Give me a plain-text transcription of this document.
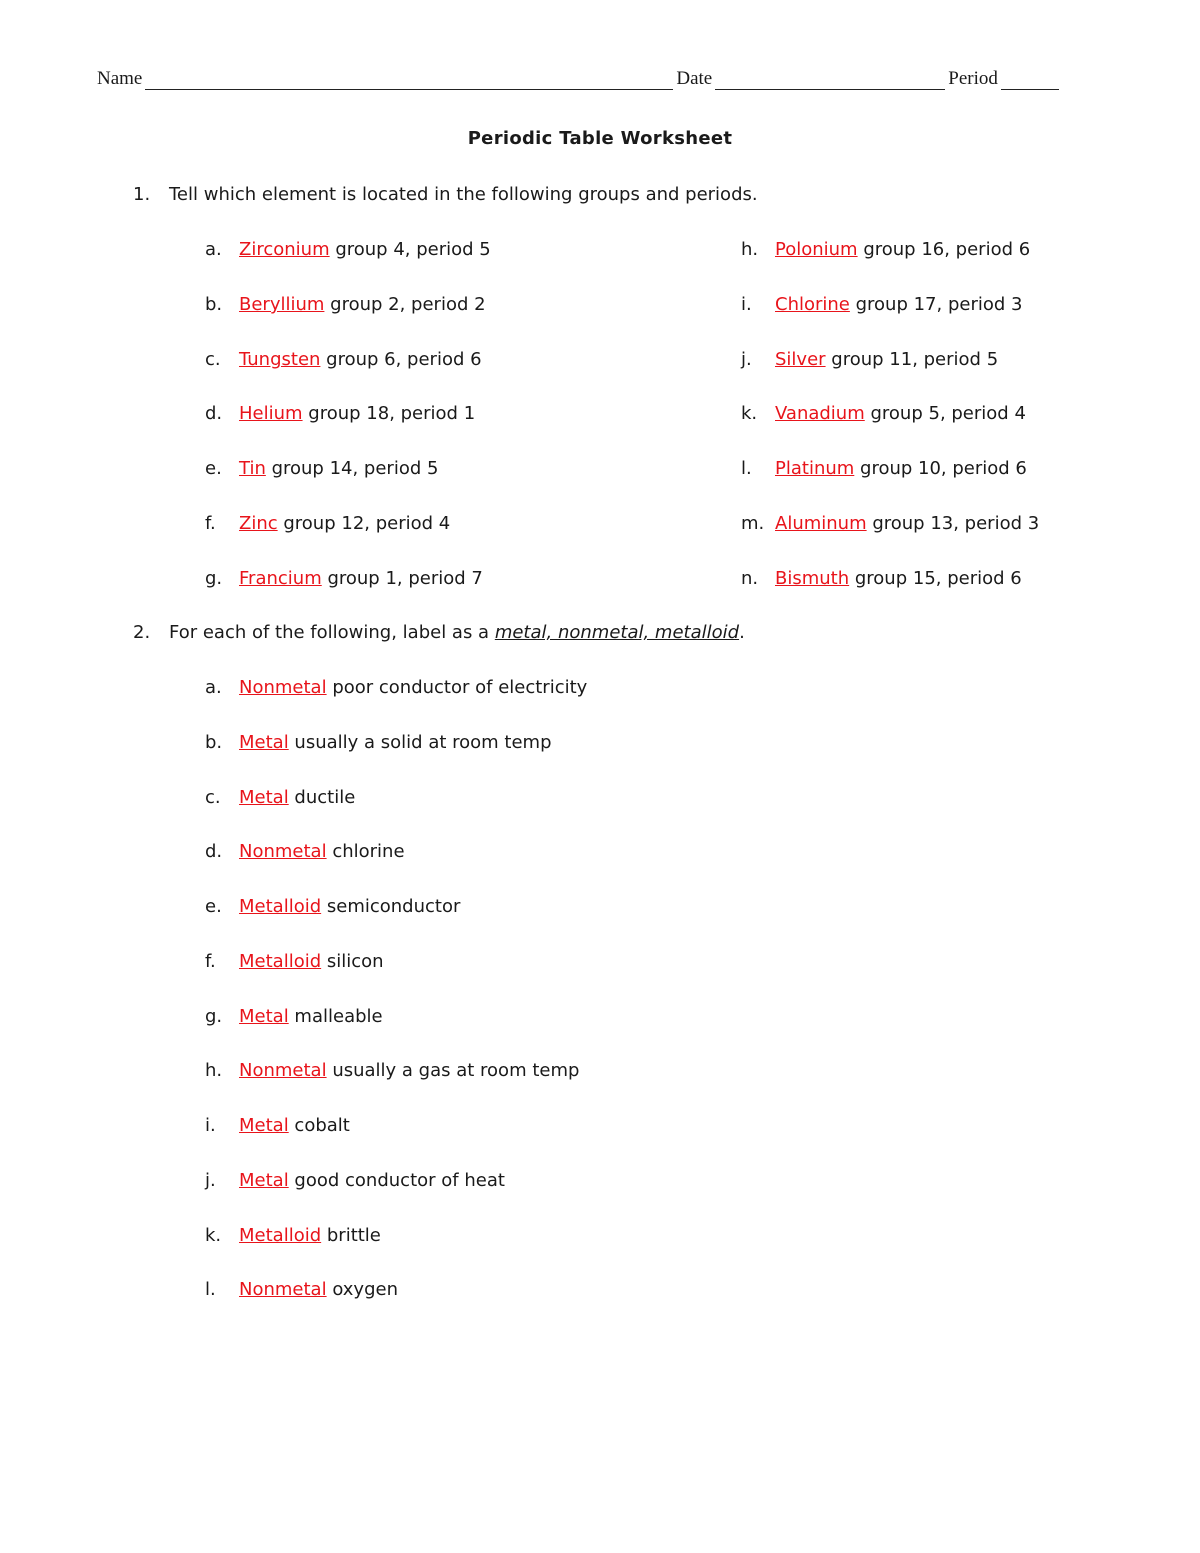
Name	Date	Period
Periodic Table Worksheet
1. Tell which element is located in the following groups and periods.
a. Zirconium group 4, period 5
b. Beryllium group 2, period 2
c. Tungsten group 6, period 6
d. Helium group 18, period 1
e. Tin group 14, period 5
f. Zinc group 12, period 4
g. Francium group 1, period 7
h. Polonium group 16, period 6
i. Chlorine group 17, period 3
j. Silver group 11, period 5
k. Vanadium group 5, period 4
l. Platinum group 10, period 6
m. Aluminum group 13, period 3
n. Bismuth group 15, period 6
2. For each of the following, label as a metal, nonmetal, metalloid.
a. Nonmetal poor conductor of electricity
b. Metal usually a solid at room temp
c. Metal ductile
d. Nonmetal chlorine
e. Metalloid semiconductor
f. Metalloid silicon
g. Metal malleable
h. Nonmetal usually a gas at room temp
i. Metal cobalt
j. Metal good conductor of heat
k. Metalloid brittle
l. Nonmetal oxygen
